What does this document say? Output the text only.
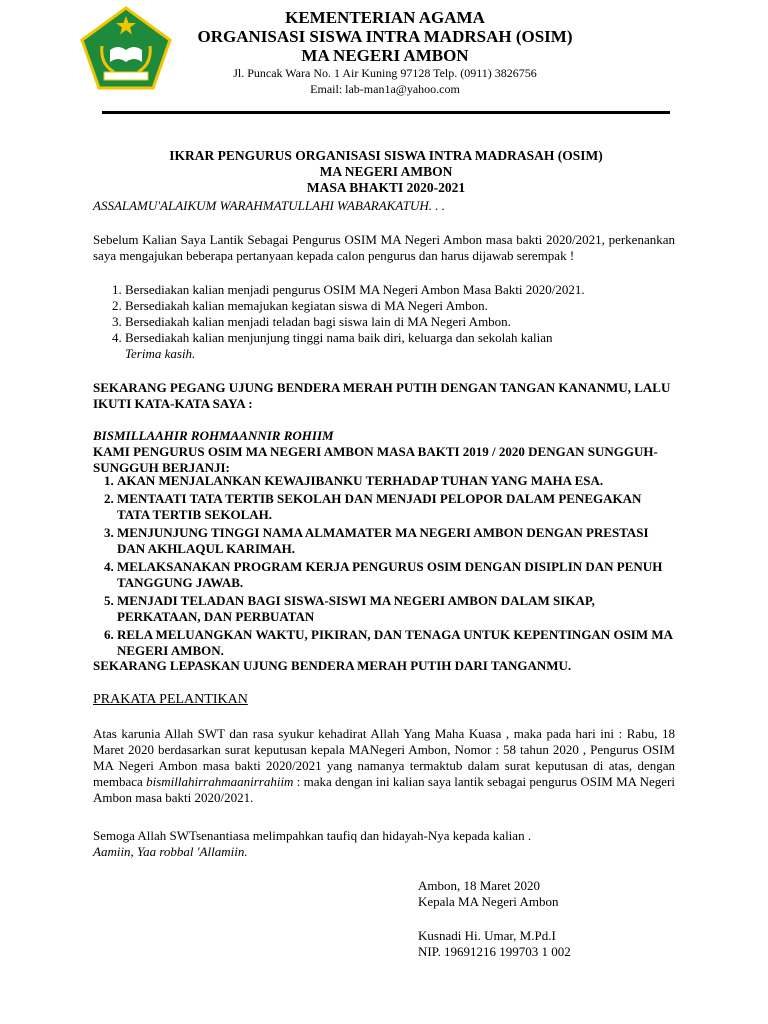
KEMENTERIAN AGAMA
ORGANISASI SISWA INTRA MADRSAH (OSIM)
MA NEGERI AMBON
Jl. Puncak Wara No. 1 Air Kuning 97128 Telp. (0911) 3826756
Email: lab-man1a@yahoo.com
IKRAR PENGURUS ORGANISASI SISWA INTRA MADRASAH (OSIM)
MA NEGERI AMBON
MASA BHAKTI 2020-2021
ASSALAMU'ALAIKUM WARAHMATULLAHI WABARAKATUH. . .
Sebelum Kalian Saya Lantik Sebagai Pengurus OSIM MA Negeri Ambon masa bakti 2020/2021, perkenankan saya mengajukan beberapa pertanyaan kepada calon pengurus dan harus dijawab serempak !
1. Bersediakan kalian menjadi pengurus OSIM MA Negeri Ambon Masa Bakti 2020/2021.
2. Bersediakah kalian memajukan kegiatan siswa di MA Negeri Ambon.
3. Bersediakah kalian menjadi teladan bagi siswa lain di MA Negeri Ambon.
4. Bersediakah kalian menjunjung tinggi nama baik diri, keluarga dan sekolah kalian
Terima kasih.
SEKARANG PEGANG UJUNG BENDERA MERAH PUTIH DENGAN TANGAN KANANMU, LALU IKUTI KATA-KATA SAYA :
BISMILLAAHIR ROHMAANNIR ROHIIM
KAMI PENGURUS OSIM MA NEGERI AMBON MASA BAKTI 2019 / 2020 DENGAN SUNGGUH-SUNGGUH BERJANJI:
1. AKAN MENJALANKAN KEWAJIBANKU TERHADAP TUHAN YANG MAHA ESA.
2. MENTAATI TATA TERTIB SEKOLAH DAN MENJADI PELOPOR DALAM PENEGAKAN TATA TERTIB SEKOLAH.
3. MENJUNJUNG TINGGI NAMA ALMAMATER MA NEGERI AMBON DENGAN PRESTASI DAN AKHLAQUL KARIMAH.
4. MELAKSANAKAN PROGRAM KERJA PENGURUS OSIM DENGAN DISIPLIN DAN PENUH TANGGUNG JAWAB.
5. MENJADI TELADAN BAGI SISWA-SISWI MA NEGERI AMBON DALAM SIKAP, PERKATAAN, DAN PERBUATAN
6. RELA MELUANGKAN WAKTU, PIKIRAN, DAN TENAGA UNTUK KEPENTINGAN OSIM MA NEGERI AMBON.
SEKARANG LEPASKAN UJUNG BENDERA MERAH PUTIH DARI TANGANMU.
PRAKATA PELANTIKAN
Atas karunia Allah SWT dan rasa syukur kehadirat Allah Yang Maha Kuasa , maka pada hari ini : Rabu, 18 Maret 2020 berdasarkan surat keputusan kepala MANegeri Ambon, Nomor : 58 tahun 2020 , Pengurus OSIM MA Negeri Ambon masa bakti 2020/2021 yang namanya termaktub dalam surat keputusan di atas, dengan membaca bismillahirrahmaanirrahiim : maka dengan ini kalian saya lantik sebagai pengurus OSIM MA Negeri Ambon masa bakti 2020/2021.
Semoga Allah SWTsenantiasa melimpahkan taufiq dan hidayah-Nya kepada kalian .
Aamiin, Yaa robbal 'Allamiin.
Ambon, 18 Maret 2020
Kepala MA Negeri Ambon
Kusnadi Hi. Umar, M.Pd.I
NIP. 19691216 199703 1 002
